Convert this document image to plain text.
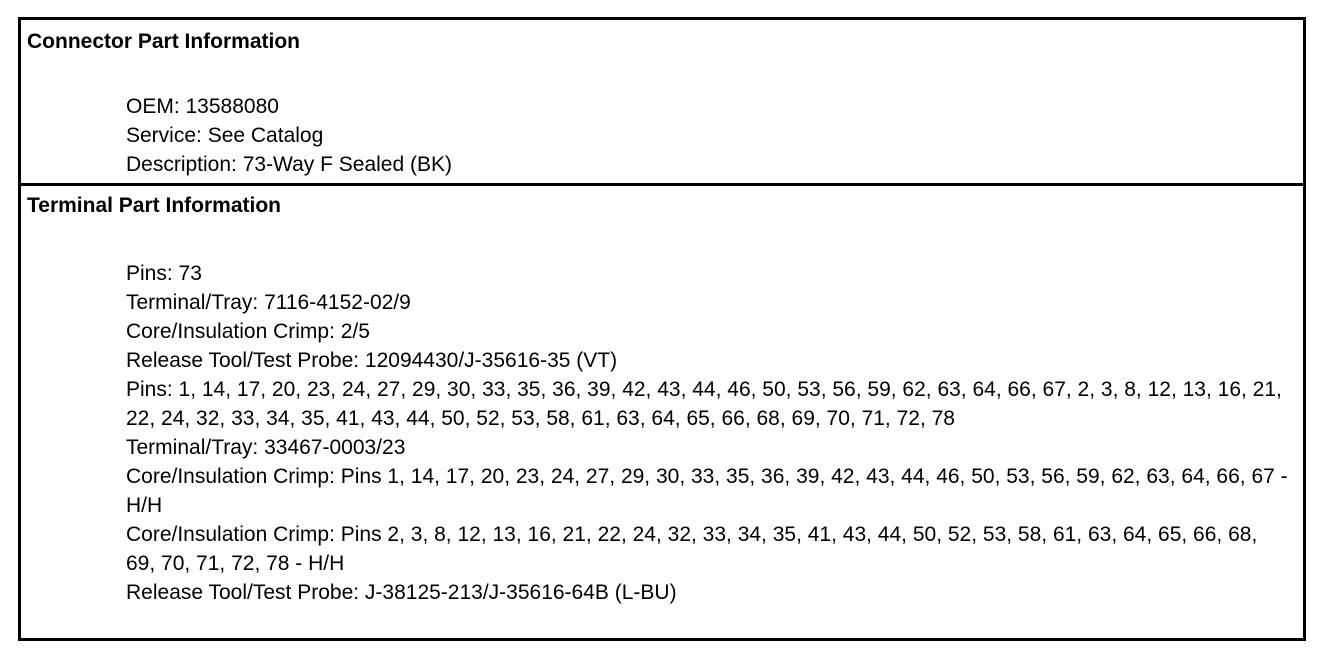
Connector Part Information
OEM: 13588080
Service: See Catalog
Description: 73-Way F Sealed (BK)
Terminal Part Information
Pins: 73
Terminal/Tray: 7116-4152-02/9
Core/Insulation Crimp: 2/5
Release Tool/Test Probe: 12094430/J-35616-35 (VT)
Pins: 1, 14, 17, 20, 23, 24, 27, 29, 30, 33, 35, 36, 39, 42, 43, 44, 46, 50, 53, 56, 59, 62, 63, 64, 66, 67, 2, 3, 8, 12, 13, 16, 21, 22, 24, 32, 33, 34, 35, 41, 43, 44, 50, 52, 53, 58, 61, 63, 64, 65, 66, 68, 69, 70, 71, 72, 78
Terminal/Tray: 33467-0003/23
Core/Insulation Crimp: Pins 1, 14, 17, 20, 23, 24, 27, 29, 30, 33, 35, 36, 39, 42, 43, 44, 46, 50, 53, 56, 59, 62, 63, 64, 66, 67 - H/H
Core/Insulation Crimp: Pins 2, 3, 8, 12, 13, 16, 21, 22, 24, 32, 33, 34, 35, 41, 43, 44, 50, 52, 53, 58, 61, 63, 64, 65, 66, 68, 69, 70, 71, 72, 78 - H/H
Release Tool/Test Probe: J-38125-213/J-35616-64B (L-BU)
